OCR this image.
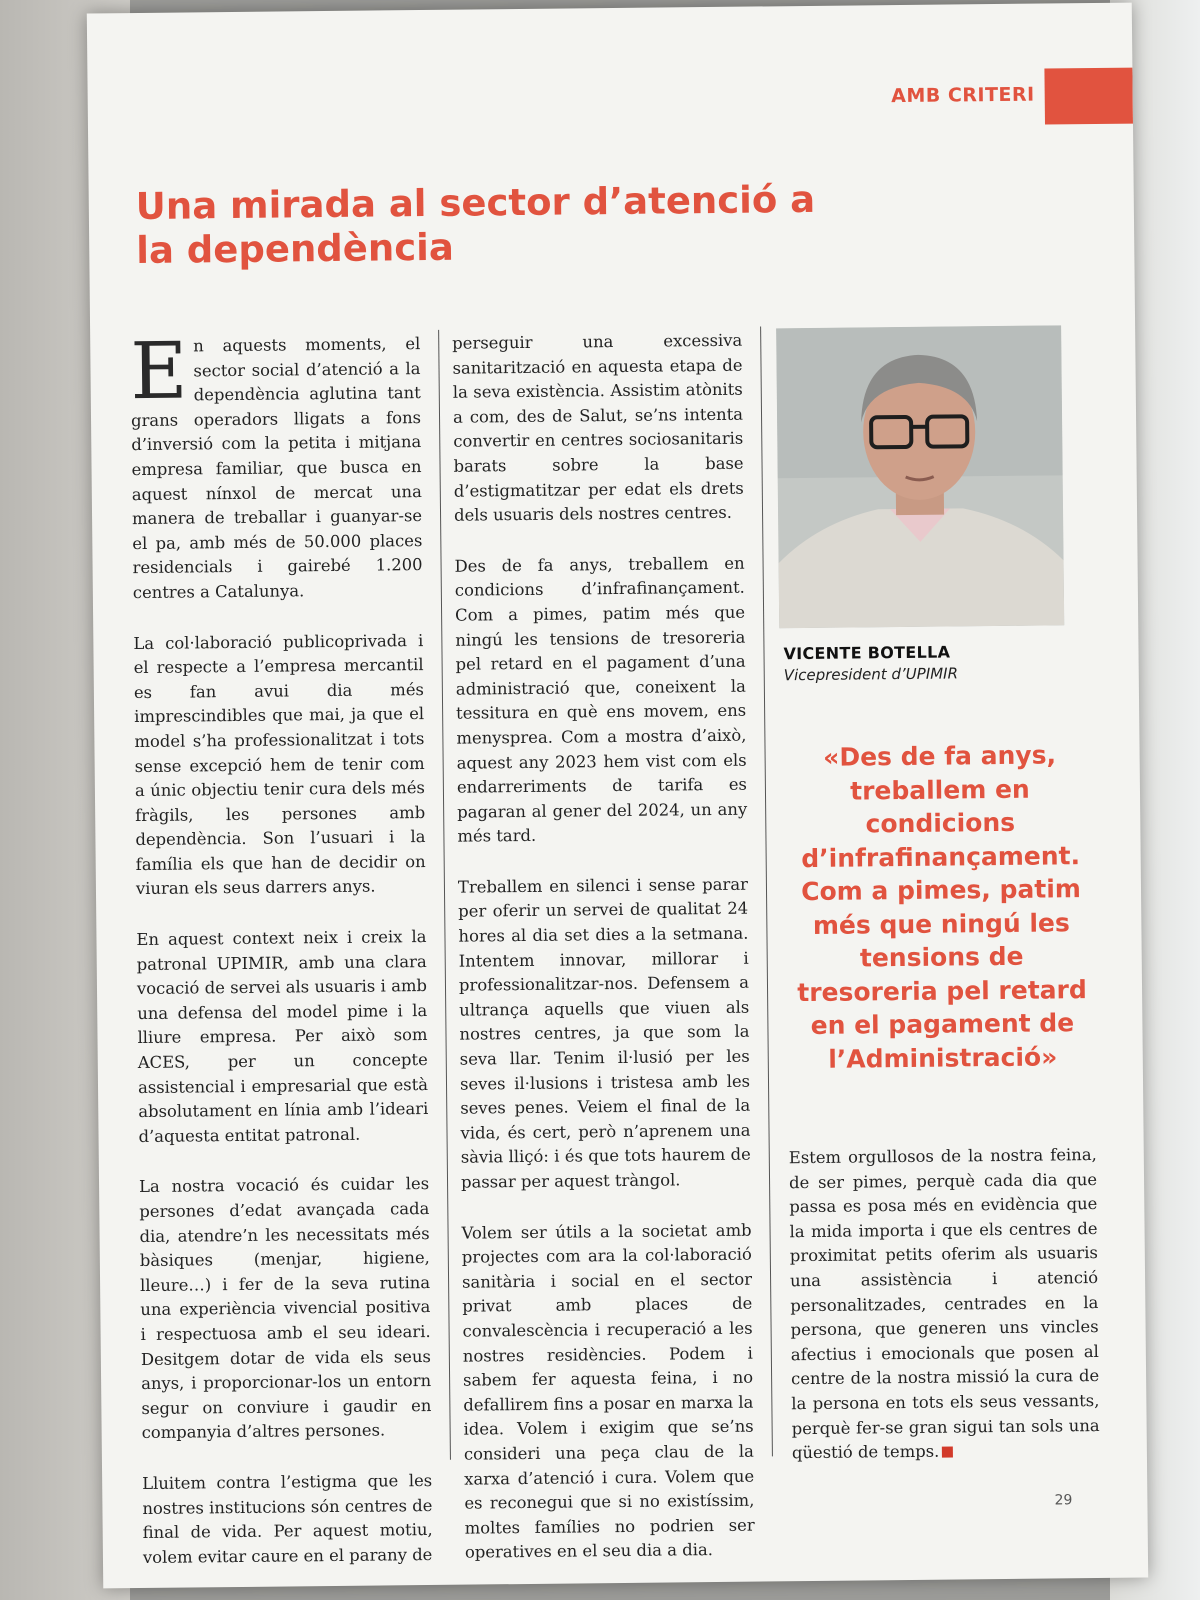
AMB CRITERI
Una mirada al sector d’atenció a la dependència

E n aquests moments, el sector social d’atenció a la dependència aglutina tant grans operadors lligats a fons d’inversió com la petita i mitjana empresa familiar, que busca en aquest nínxol de mercat una manera de treballar i guanyar-se el pa, amb més de 50.000 places residencials i gairebé 1.200 centres a Catalunya.

La col·laboració publicoprivada i el respecte a l’empresa mercantil es fan avui dia més imprescindibles que mai, ja que el model s’ha professionalitzat i tots sense excepció hem de tenir com a únic objectiu tenir cura dels més fràgils, les persones amb dependència. Son l’usuari i la família els que han de decidir on viuran els seus darrers anys.

En aquest context neix i creix la patronal UPIMIR, amb una clara vocació de servei als usuaris i amb una defensa del model pime i la lliure empresa. Per això som ACES, per un concepte assistencial i empresarial que està absolutament en línia amb l’ideari d’aquesta entitat patronal.

La nostra vocació és cuidar les persones d’edat avançada cada dia, atendre’n les necessitats més bàsiques (menjar, higiene, lleure…) i fer de la seva rutina una experiència vivencial positiva i respectuosa amb el seu ideari. Desitgem dotar de vida els seus anys, i proporcionar-los un entorn segur on conviure i gaudir en companyia d’altres persones.

Lluitem contra l’estigma que les nostres institucions són centres de final de vida. Per aquest motiu, volem evitar caure en el parany de

perseguir una excessiva sanitarització en aquesta etapa de la seva existència. Assistim atònits a com, des de Salut, se’ns intenta convertir en centres sociosanitaris barats sobre la base d’estigmatitzar per edat els drets dels usuaris dels nostres centres.

Des de fa anys, treballem en condicions d’infrafinançament. Com a pimes, patim més que ningú les tensions de tresoreria pel retard en el pagament d’una administració que, coneixent la tessitura en què ens movem, ens menysprea. Com a mostra d’això, aquest any 2023 hem vist com els endarreriments de tarifa es pagaran al gener del 2024, un any més tard.

Treballem en silenci i sense parar per oferir un servei de qualitat 24 hores al dia set dies a la setmana. Intentem innovar, millorar i professionalitzar-nos. Defensem a ultrança aquells que viuen als nostres centres, ja que som la seva llar. Tenim il·lusió per les seves il·lusions i tristesa amb les seves penes. Veiem el final de la vida, és cert, però n’aprenem una sàvia lliçó: i és que tots haurem de passar per aquest tràngol.

Volem ser útils a la societat amb projectes com ara la col·laboració sanitària i social en el sector privat amb places de convalescència i recuperació a les nostres residències. Podem i sabem fer aquesta feina, i no defallirem fins a posar en marxa la idea. Volem i exigim que se’ns consideri una peça clau de la xarxa d’atenció i cura. Volem que es reconegui que si no existíssim, moltes famílies no podrien ser operatives en el seu dia a dia.

VICENTE BOTELLA
Vicepresident d’UPIMIR

«Des de fa anys, treballem en condicions d’infrafinançament. Com a pimes, patim més que ningú les tensions de tresoreria pel retard en el pagament de l’Administració»

Estem orgullosos de la nostra feina, de ser pimes, perquè cada dia que passa es posa més en evidència que la mida importa i que els centres de proximitat petits oferim als usuaris una assistència i atenció personalitzades, centrades en la persona, que generen uns vincles afectius i emocionals que posen al centre de la nostra missió la cura de la persona en tots els seus vessants, perquè fer-se gran sigui tan sols una qüestió de temps.

29
